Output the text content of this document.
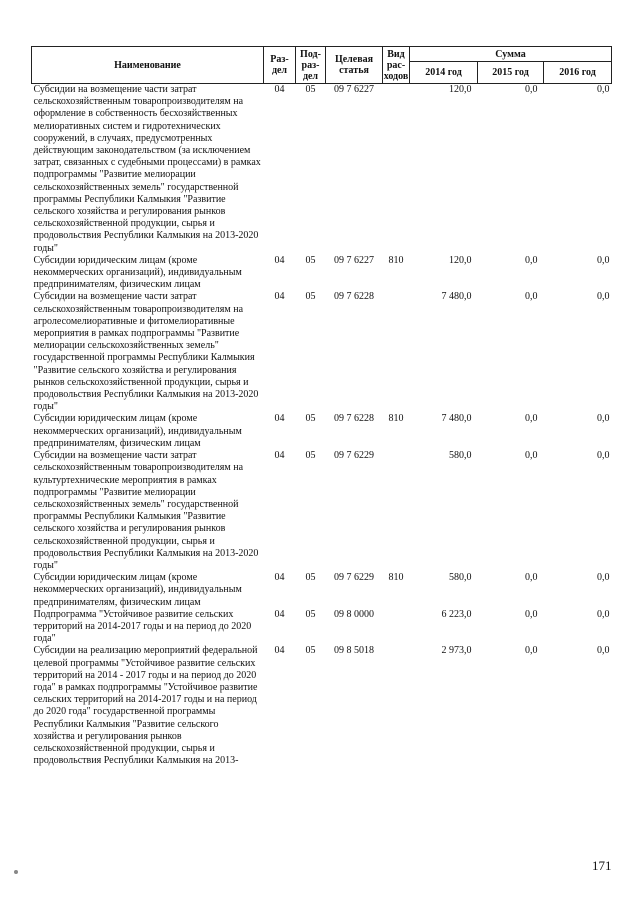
Наименование	Раз-дел	Под-раз-дел	Целевая статья	Вид рас-ходов	Сумма		
					2014 год	2015 год	2016 год
Субсидии на возмещение части затрат сельскохозяйственным товаропроизводителям на оформление в собственность бесхозяйственных мелиоративных систем и гидротехнических сооружений, в случаях, предусмотренных действующим законодательством (за исключением затрат, связанных с судебными процессами) в рамках подпрограммы "Развитие мелиорации сельскохозяйственных земель" государственной программы Республики Калмыкия "Развитие сельского хозяйства и регулирования рынков сельскохозяйственной продукции, сырья и продовольствия Республики Калмыкия на 2013-2020 годы"	04	05	09 7 6227		120,0	0,0	0,0
Субсидии юридическим лицам (кроме некоммерческих организаций), индивидуальным предпринимателям, физическим лицам	04	05	09 7 6227	810	120,0	0,0	0,0
Субсидии на возмещение части затрат сельскохозяйственным товаропроизводителям на агролесомелиоративные и фитомелиоративные мероприятия в рамках подпрограммы "Развитие мелиорации сельскохозяйственных земель" государственной программы Республики Калмыкия "Развитие сельского хозяйства и регулирования рынков сельскохозяйственной продукции, сырья и продовольствия Республики Калмыкия на 2013-2020 годы"	04	05	09 7 6228		7 480,0	0,0	0,0
Субсидии юридическим лицам (кроме некоммерческих организаций), индивидуальным предпринимателям, физическим лицам	04	05	09 7 6228	810	7 480,0	0,0	0,0
Субсидии на возмещение части затрат сельскохозяйственным товаропроизводителям на культуртехнические мероприятия в рамках подпрограммы "Развитие мелиорации сельскохозяйственных земель" государственной программы Республики Калмыкия "Развитие сельского хозяйства и регулирования рынков сельскохозяйственной продукции, сырья и продовольствия Республики Калмыкия на 2013-2020 годы"	04	05	09 7 6229		580,0	0,0	0,0
Субсидии юридическим лицам (кроме некоммерческих организаций), индивидуальным предпринимателям, физическим лицам	04	05	09 7 6229	810	580,0	0,0	0,0
Подпрограмма "Устойчивое развитие сельских территорий на 2014-2017 годы и на период до 2020 года"	04	05	09 8 0000		6 223,0	0,0	0,0
Субсидии на реализацию мероприятий федеральной целевой программы "Устойчивое развитие сельских территорий на 2014 - 2017 годы и на период до 2020 года" в рамках подпрограммы "Устойчивое развитие сельских территорий на 2014-2017 годы и на период до 2020 года" государственной программы Республики Калмыкия "Развитие сельского хозяйства и регулирования рынков сельскохозяйственной продукции, сырья и продовольствия Республики Калмыкия на 2013-	04	05	09 8 5018		2 973,0	0,0	0,0
171
